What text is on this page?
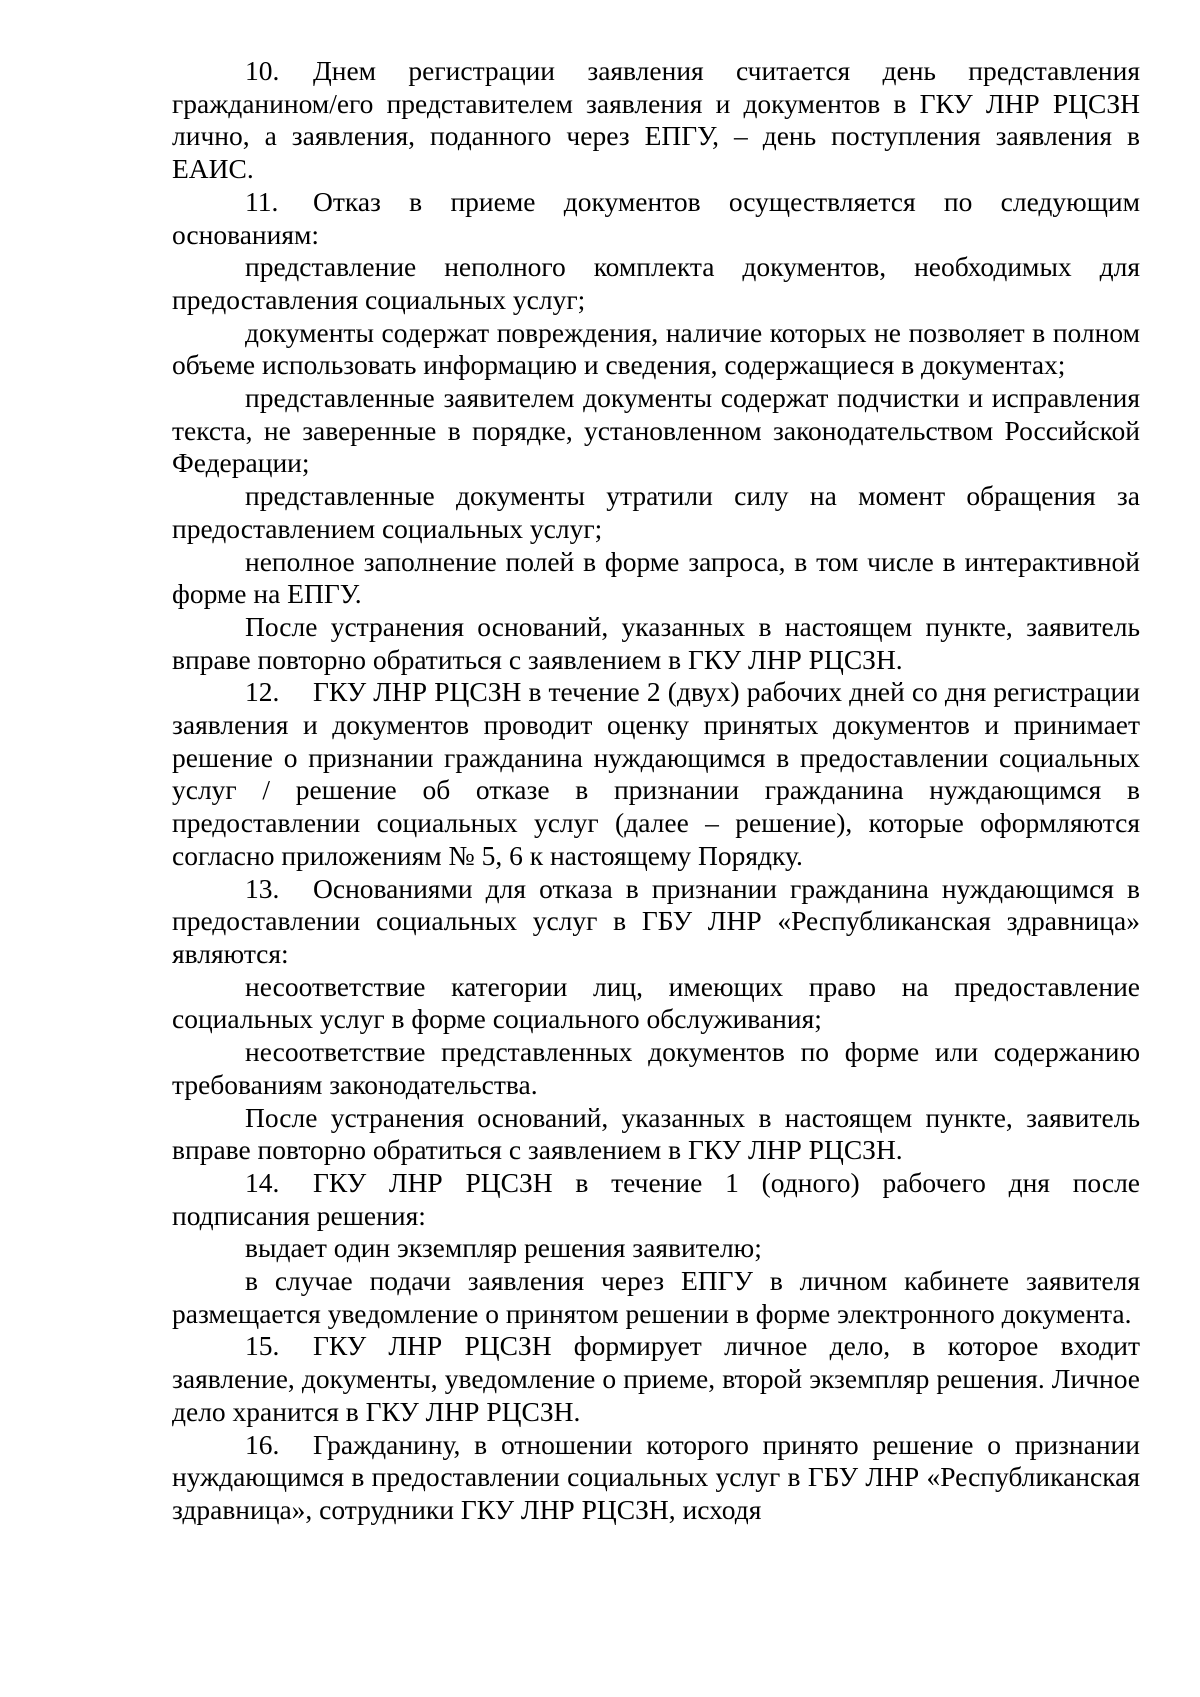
10. Днем регистрации заявления считается день представления гражданином/его представителем заявления и документов в ГКУ ЛНР РЦСЗН лично, а заявления, поданного через ЕПГУ, – день поступления заявления в ЕАИС.

11. Отказ в приеме документов осуществляется по следующим основаниям:

представление неполного комплекта документов, необходимых для предоставления социальных услуг;

документы содержат повреждения, наличие которых не позволяет в полном объеме использовать информацию и сведения, содержащиеся в документах;

представленные заявителем документы содержат подчистки и исправления текста, не заверенные в порядке, установленном законодательством Российской Федерации;

представленные документы утратили силу на момент обращения за предоставлением социальных услуг;

неполное заполнение полей в форме запроса, в том числе в интерактивной форме на ЕПГУ.

После устранения оснований, указанных в настоящем пункте, заявитель вправе повторно обратиться с заявлением в ГКУ ЛНР РЦСЗН.

12. ГКУ ЛНР РЦСЗН в течение 2 (двух) рабочих дней со дня регистрации заявления и документов проводит оценку принятых документов и принимает решение о признании гражданина нуждающимся в предоставлении социальных услуг / решение об отказе в признании гражданина нуждающимся в предоставлении социальных услуг (далее – решение), которые оформляются согласно приложениям № 5, 6 к настоящему Порядку.

13. Основаниями для отказа в признании гражданина нуждающимся в предоставлении социальных услуг в ГБУ ЛНР «Республиканская здравница» являются:

несоответствие категории лиц, имеющих право на предоставление социальных услуг в форме социального обслуживания;

несоответствие представленных документов по форме или содержанию требованиям законодательства.

После устранения оснований, указанных в настоящем пункте, заявитель вправе повторно обратиться с заявлением в ГКУ ЛНР РЦСЗН.

14. ГКУ ЛНР РЦСЗН в течение 1 (одного) рабочего дня после подписания решения:

выдает один экземпляр решения заявителю;

в случае подачи заявления через ЕПГУ в личном кабинете заявителя размещается уведомление о принятом решении в форме электронного документа.

15. ГКУ ЛНР РЦСЗН формирует личное дело, в которое входит заявление, документы, уведомление о приеме, второй экземпляр решения. Личное дело хранится в ГКУ ЛНР РЦСЗН.

16. Гражданину, в отношении которого принято решение о признании нуждающимся в предоставлении социальных услуг в ГБУ ЛНР «Республиканская здравница», сотрудники ГКУ ЛНР РЦСЗН, исходя
